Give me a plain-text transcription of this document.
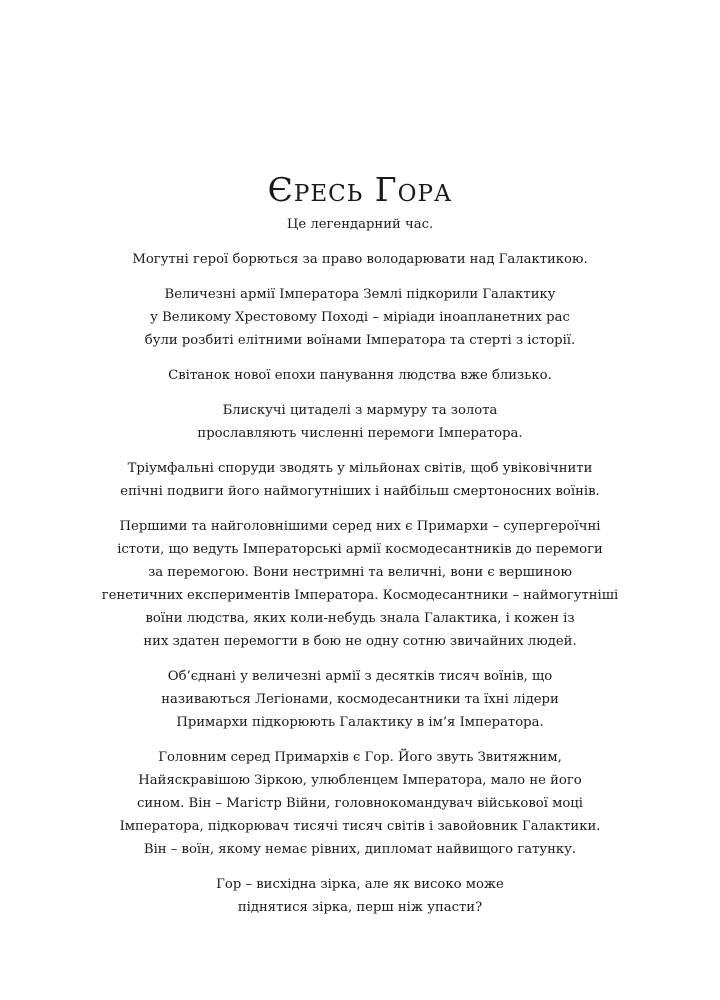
Єресь Гора

Це легендарний час.

Могутні герої борються за право володарювати над Галактикою.

Величезні армії Імператора Землі підкорили Галактику
у Великому Хрестовому Поході – міріади іноапланетних рас
були розбиті елітними воїнами Імператора та стерті з історії.

Світанок нової епохи панування людства вже близько.

Блискучі цитаделі з мармуру та золота
прославляють численні перемоги Імператора.

Тріумфальні споруди зводять у мільйонах світів, щоб увіковічнити
епічні подвиги його наймогутніших і найбільш смертоносних воїнів.

Першими та найголовнішими серед них є Примархи – супергероїчні
істоти, що ведуть Імператорські армії космодесантників до перемоги
за перемогою. Вони нестримні та величні, вони є вершиною
генетичних експериментів Імператора. Космодесантники – наймогутніші
воїни людства, яких коли-небудь знала Галактика, і кожен із
них здатен перемогти в бою не одну сотню звичайних людей.

Об’єднані у величезні армії з десятків тисяч воїнів, що
називаються Легіонами, космодесантники та їхні лідери
Примархи підкорюють Галактику в ім’я Імператора.

Головним серед Примархів є Гор. Його звуть Звитяжним,
Найяскравішою Зіркою, улюбленцем Імператора, мало не його
сином. Він – Магістр Війни, головнокомандувач військової моці
Імператора, підкорювач тисячі тисяч світів і завойовник Галактики.
Він – воїн, якому немає рівних, дипломат найвищого гатунку.

Гор – висхідна зірка, але як високо може
піднятися зірка, перш ніж упасти?
